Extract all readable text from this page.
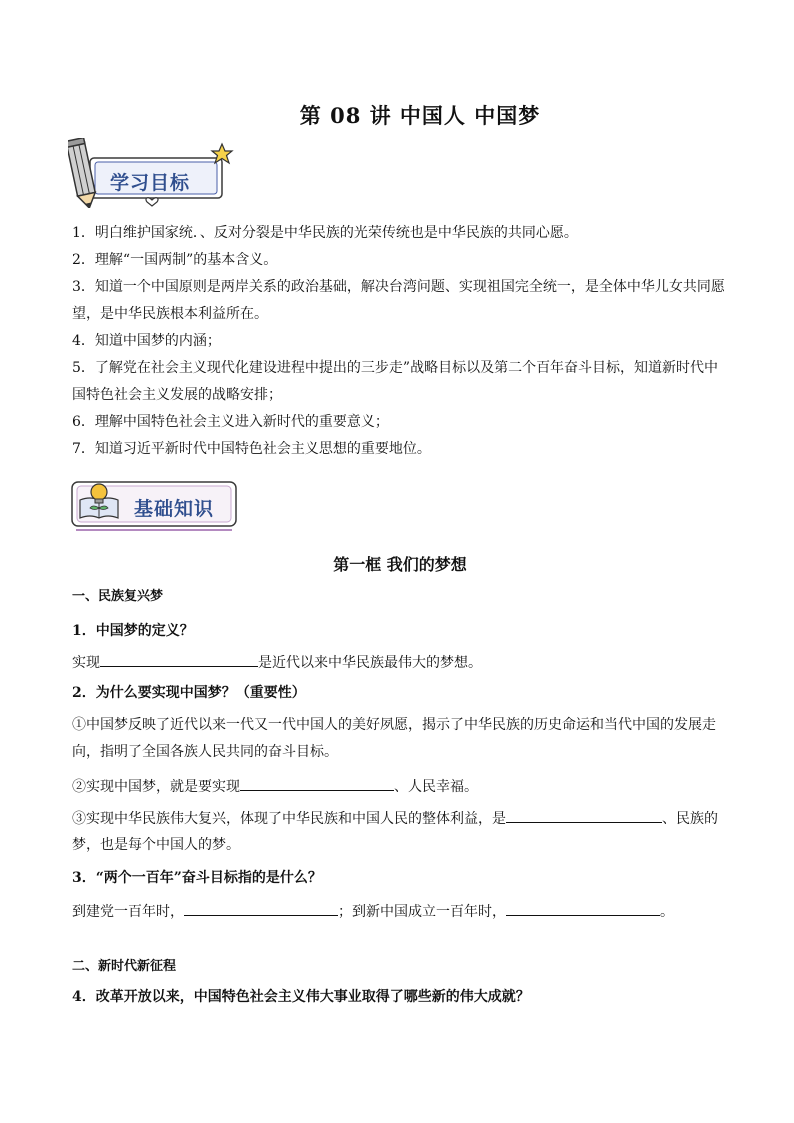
第 08 讲 中国人 中国梦
学习目标
1．明白维护国家统．、反对分裂是中华民族的光荣传统也是中华民族的共同心愿。
2．理解“一国两制”的基本含义。
3．知道一个中国原则是两岸关系的政治基础，解决台湾问题、实现祖国完全统一，是全体中华儿女共同愿
望，是中华民族根本利益所在。
4．知道中国梦的内涵；
5．了解党在社会主义现代化建设进程中提出的三步走”战略目标以及第二个百年奋斗目标，知道新时代中
国特色社会主义发展的战略安排；
6．理解中国特色社会主义进入新时代的重要意义；
7．知道习近平新时代中国特色社会主义思想的重要地位。
基础知识
第一框 我们的梦想
一、民族复兴梦
1．中国梦的定义？
实现	是近代以来中华民族最伟大的梦想。
2．为什么要实现中国梦？（重要性）
①中国梦反映了近代以来一代又一代中国人的美好夙愿，揭示了中华民族的历史命运和当代中国的发展走
向，指明了全国各族人民共同的奋斗目标。
②实现中国梦，就是要实现	、人民幸福。
③实现中华民族伟大复兴，体现了中华民族和中国人民的整体利益，是	、民族的
梦，也是每个中国人的梦。
3．“两个一百年”奋斗目标指的是什么？
到建党一百年时，	；到新中国成立一百年时，	。
二、新时代新征程
4．改革开放以来，中国特色社会主义伟大事业取得了哪些新的伟大成就？
